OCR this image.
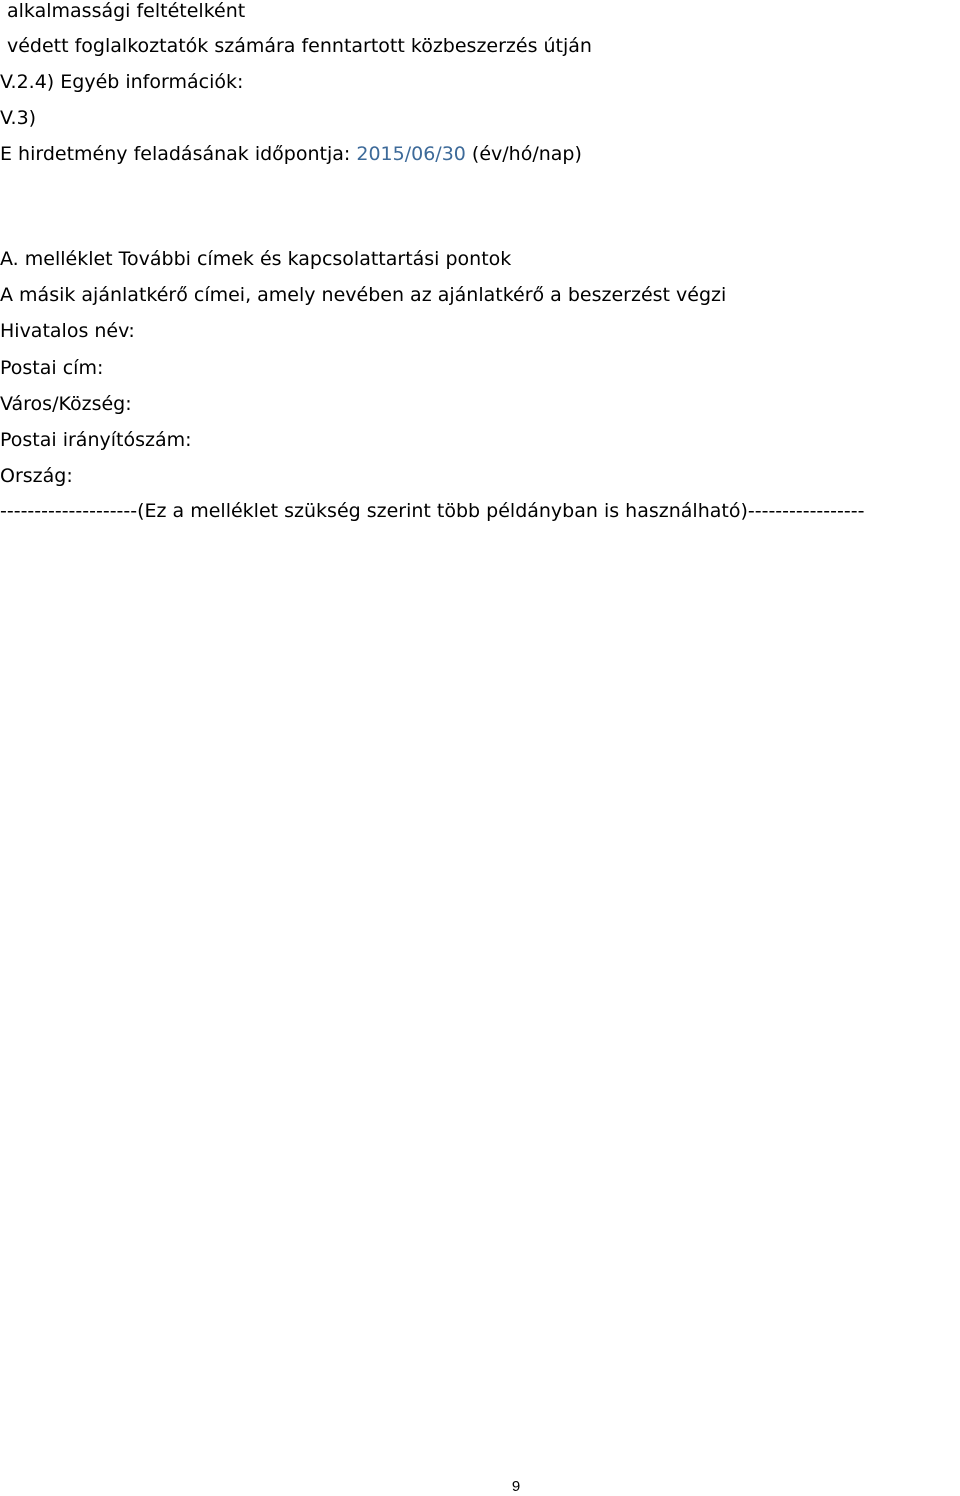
alkalmassági feltételként
védett foglalkoztatók számára fenntartott közbeszerzés útján
V.2.4) Egyéb információk:
V.3)
E hirdetmény feladásának időpontja: 2015/06/30 (év/hó/nap)
A. melléklet További címek és kapcsolattartási pontok
A másik ajánlatkérő címei, amely nevében az ajánlatkérő a beszerzést végzi
Hivatalos név:
Postai cím:
Város/Község:
Postai irányítószám:
Ország:
--------------------(Ez a melléklet szükség szerint több példányban is használható)-----------------
9
